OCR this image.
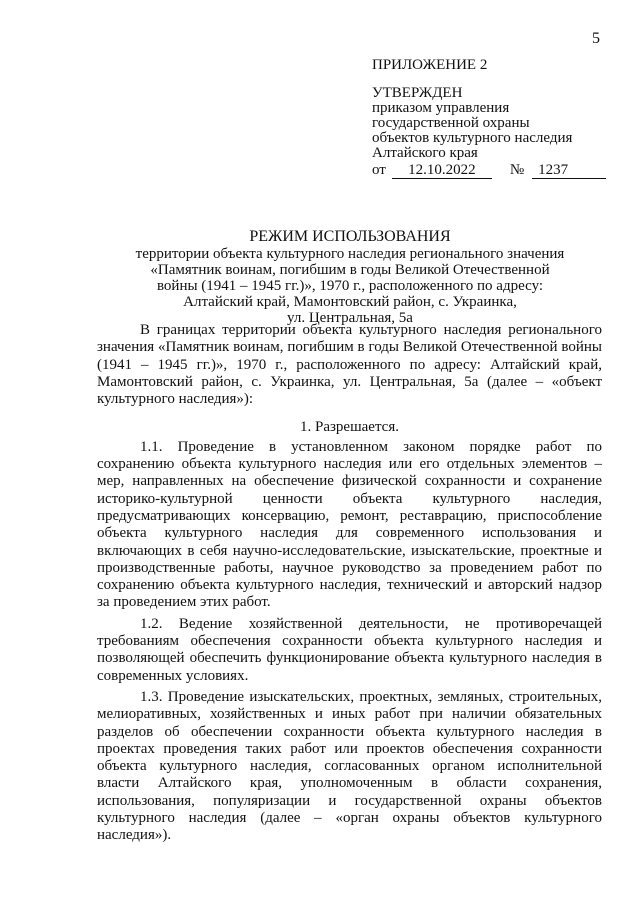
5
ПРИЛОЖЕНИЕ 2
УТВЕРЖДЕН
приказом управления
государственной охраны
объектов культурного наследия
Алтайского края
от	12.10.2022	№ 1237
РЕЖИМ ИСПОЛЬЗОВАНИЯ
территории объекта культурного наследия регионального значения
«Памятник воинам, погибшим в годы Великой Отечественной
войны (1941 – 1945 гг.)», 1970 г., расположенного по адресу:
Алтайский край, Мамонтовский район, с. Украинка,
ул. Центральная, 5а

В границах территории объекта культурного наследия регионального значения «Памятник воинам, погибшим в годы Великой Отечественной войны (1941 – 1945 гг.)», 1970 г., расположенного по адресу: Алтайский край, Мамонтовский район, с. Украинка, ул. Центральная, 5а (далее – «объект культурного наследия»):

1. Разрешается.

1.1. Проведение в установленном законом порядке работ по сохранению объекта культурного наследия или его отдельных элементов – мер, направленных на обеспечение физической сохранности и сохранение историко-культурной ценности объекта культурного наследия, предусматривающих консервацию, ремонт, реставрацию, приспособление объекта культурного наследия для современного использования и включающих в себя научно-исследовательские, изыскательские, проектные и производственные работы, научное руководство за проведением работ по сохранению объекта культурного наследия, технический и авторский надзор за проведением этих работ.

1.2. Ведение хозяйственной деятельности, не противоречащей требованиям обеспечения сохранности объекта культурного наследия и позволяющей обеспечить функционирование объекта культурного наследия в современных условиях.

1.3. Проведение изыскательских, проектных, земляных, строительных, мелиоративных, хозяйственных и иных работ при наличии обязательных разделов об обеспечении сохранности объекта культурного наследия в проектах проведения таких работ или проектов обеспечения сохранности объекта культурного наследия, согласованных органом исполнительной власти Алтайского края, уполномоченным в области сохранения, использования, популяризации и государственной охраны объектов культурного наследия (далее – «орган охраны объектов культурного наследия»).
